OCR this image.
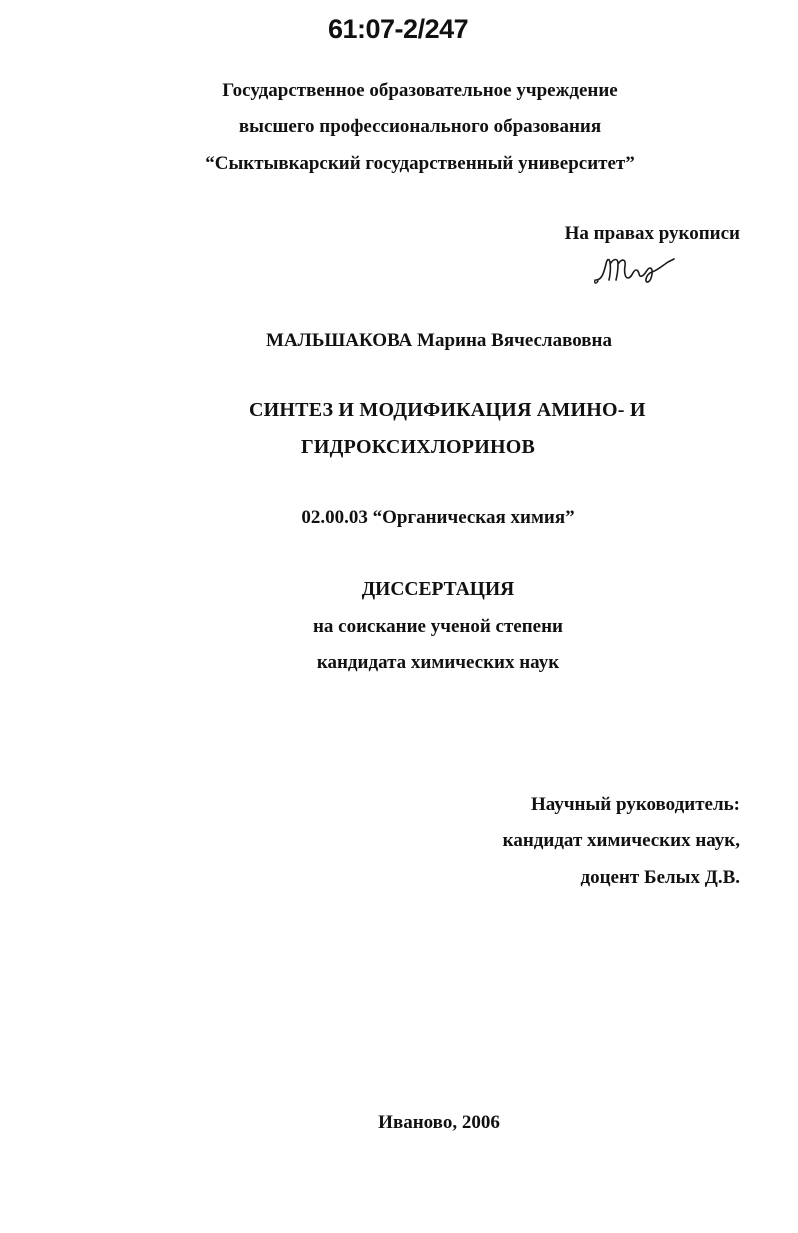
61:07-2/247
Государственное образовательное учреждение
высшего профессионального образования
“Сыктывкарский государственный университет”
На правах рукописи
МАЛЬШАКОВА Марина Вячеславовна
СИНТЕЗ И МОДИФИКАЦИЯ АМИНО- И
ГИДРОКСИХЛОРИНОВ
02.00.03 “Органическая химия”
ДИССЕРТАЦИЯ
на соискание ученой степени
кандидата химических наук
Научный руководитель:
кандидат химических наук,
доцент Белых Д.В.
Иваново, 2006
